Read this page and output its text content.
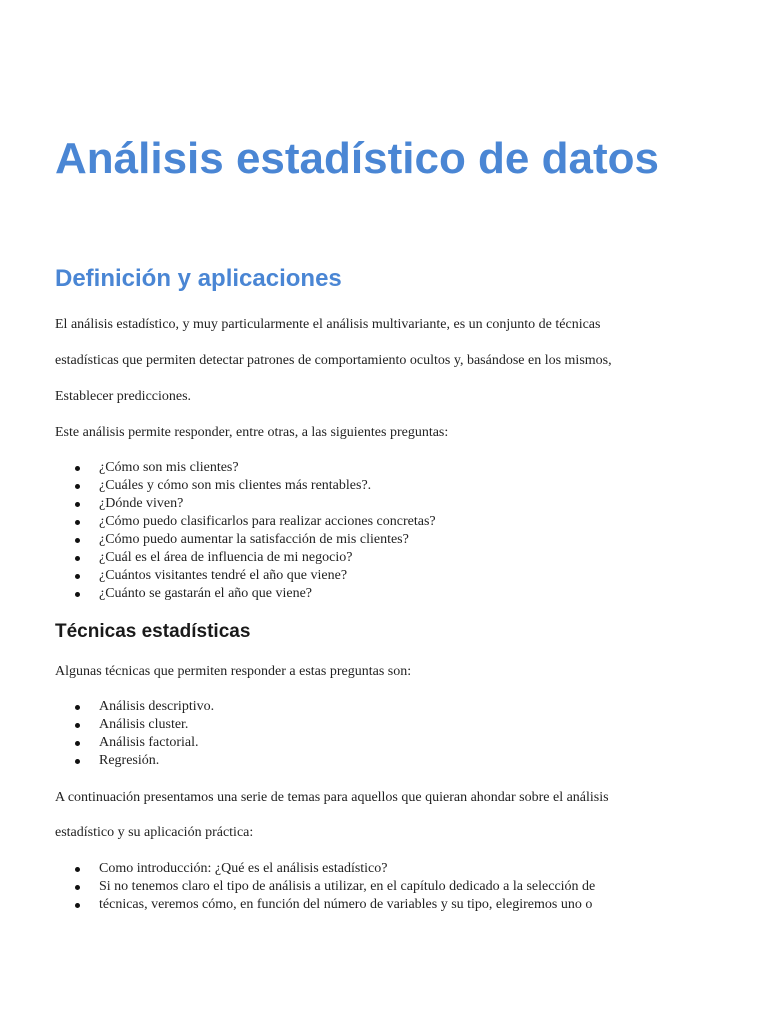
Análisis estadístico de datos
Definición y aplicaciones

El análisis estadístico, y muy particularmente el análisis multivariante, es un conjunto de técnicas

estadísticas que permiten detectar patrones de comportamiento ocultos y, basándose en los mismos,

Establecer predicciones.

Este análisis permite responder, entre otras, a las siguientes preguntas:

¿Cómo son mis clientes?
¿Cuáles y cómo son mis clientes más rentables?.
¿Dónde viven?
¿Cómo puedo clasificarlos para realizar acciones concretas?
¿Cómo puedo aumentar la satisfacción de mis clientes?
¿Cuál es el área de influencia de mi negocio?
¿Cuántos visitantes tendré el año que viene?
¿Cuánto se gastarán el año que viene?
Técnicas estadísticas

Algunas técnicas que permiten responder a estas preguntas son:

Análisis descriptivo.
Análisis cluster.
Análisis factorial.
Regresión.

A continuación presentamos una serie de temas para aquellos que quieran ahondar sobre el análisis

estadístico y su aplicación práctica:

Como introducción: ¿Qué es el análisis estadístico?
Si no tenemos claro el tipo de análisis a utilizar, en el capítulo dedicado a la selección de
técnicas, veremos cómo, en función del número de variables y su tipo, elegiremos uno o
